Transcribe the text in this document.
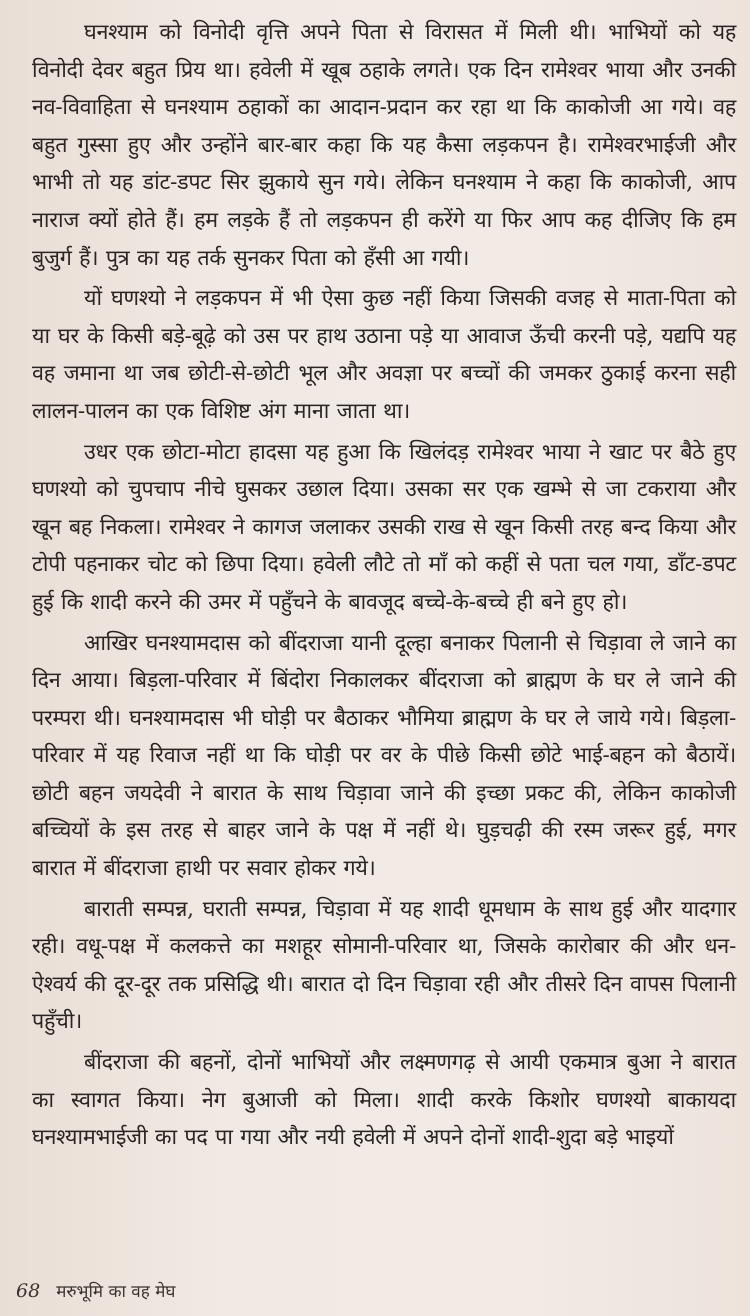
घनश्याम को विनोदी वृत्ति अपने पिता से विरासत में मिली थी। भाभियों को यह विनोदी देवर बहुत प्रिय था। हवेली में खूब ठहाके लगते। एक दिन रामेश्वर भाया और उनकी नव-विवाहिता से घनश्याम ठहाकों का आदान-प्रदान कर रहा था कि काकोजी आ गये। वह बहुत गुस्सा हुए और उन्होंने बार-बार कहा कि यह कैसा लड़कपन है। रामेश्वरभाईजी और भाभी तो यह डांट-डपट सिर झुकाये सुन गये। लेकिन घनश्याम ने कहा कि काकोजी, आप नाराज क्यों होते हैं। हम लड़के हैं तो लड़कपन ही करेंगे या फिर आप कह दीजिए कि हम बुजुर्ग हैं। पुत्र का यह तर्क सुनकर पिता को हँसी आ गयी।

यों घणश्यो ने लड़कपन में भी ऐसा कुछ नहीं किया जिसकी वजह से माता-पिता को या घर के किसी बड़े-बूढ़े को उस पर हाथ उठाना पड़े या आवाज ऊँची करनी पड़े, यद्यपि यह वह जमाना था जब छोटी-से-छोटी भूल और अवज्ञा पर बच्चों की जमकर ठुकाई करना सही लालन-पालन का एक विशिष्ट अंग माना जाता था।

उधर एक छोटा-मोटा हादसा यह हुआ कि खिलंदड़ रामेश्वर भाया ने खाट पर बैठे हुए घणश्यो को चुपचाप नीचे घुसकर उछाल दिया। उसका सर एक खम्भे से जा टकराया और खून बह निकला। रामेश्वर ने कागज जलाकर उसकी राख से खून किसी तरह बन्द किया और टोपी पहनाकर चोट को छिपा दिया। हवेली लौटे तो माँ को कहीं से पता चल गया, डाँट-डपट हुई कि शादी करने की उमर में पहुँचने के बावजूद बच्चे-के-बच्चे ही बने हुए हो।

आखिर घनश्यामदास को बींदराजा यानी दूल्हा बनाकर पिलानी से चिड़ावा ले जाने का दिन आया। बिड़ला-परिवार में बिंदोरा निकालकर बींदराजा को ब्राह्मण के घर ले जाने की परम्परा थी। घनश्यामदास भी घोड़ी पर बैठाकर भौमिया ब्राह्मण के घर ले जाये गये। बिड़ला-परिवार में यह रिवाज नहीं था कि घोड़ी पर वर के पीछे किसी छोटे भाई-बहन को बैठायें। छोटी बहन जयदेवी ने बारात के साथ चिड़ावा जाने की इच्छा प्रकट की, लेकिन काकोजी बच्चियों के इस तरह से बाहर जाने के पक्ष में नहीं थे। घुड़चढ़ी की रस्म जरूर हुई, मगर बारात में बींदराजा हाथी पर सवार होकर गये।

बाराती सम्पन्न, घराती सम्पन्न, चिड़ावा में यह शादी धूमधाम के साथ हुई और यादगार रही। वधू-पक्ष में कलकत्ते का मशहूर सोमानी-परिवार था, जिसके कारोबार की और धन-ऐश्वर्य की दूर-दूर तक प्रसिद्धि थी। बारात दो दिन चिड़ावा रही और तीसरे दिन वापस पिलानी पहुँची।

बींदराजा की बहनों, दोनों भाभियों और लक्ष्मणगढ़ से आयी एकमात्र बुआ ने बारात का स्वागत किया। नेग बुआजी को मिला। शादी करके किशोर घणश्यो बाकायदा घनश्यामभाईजी का पद पा गया और नयी हवेली में अपने दोनों शादी-शुदा बड़े भाइयों

68 मरुभूमि का वह मेघ
